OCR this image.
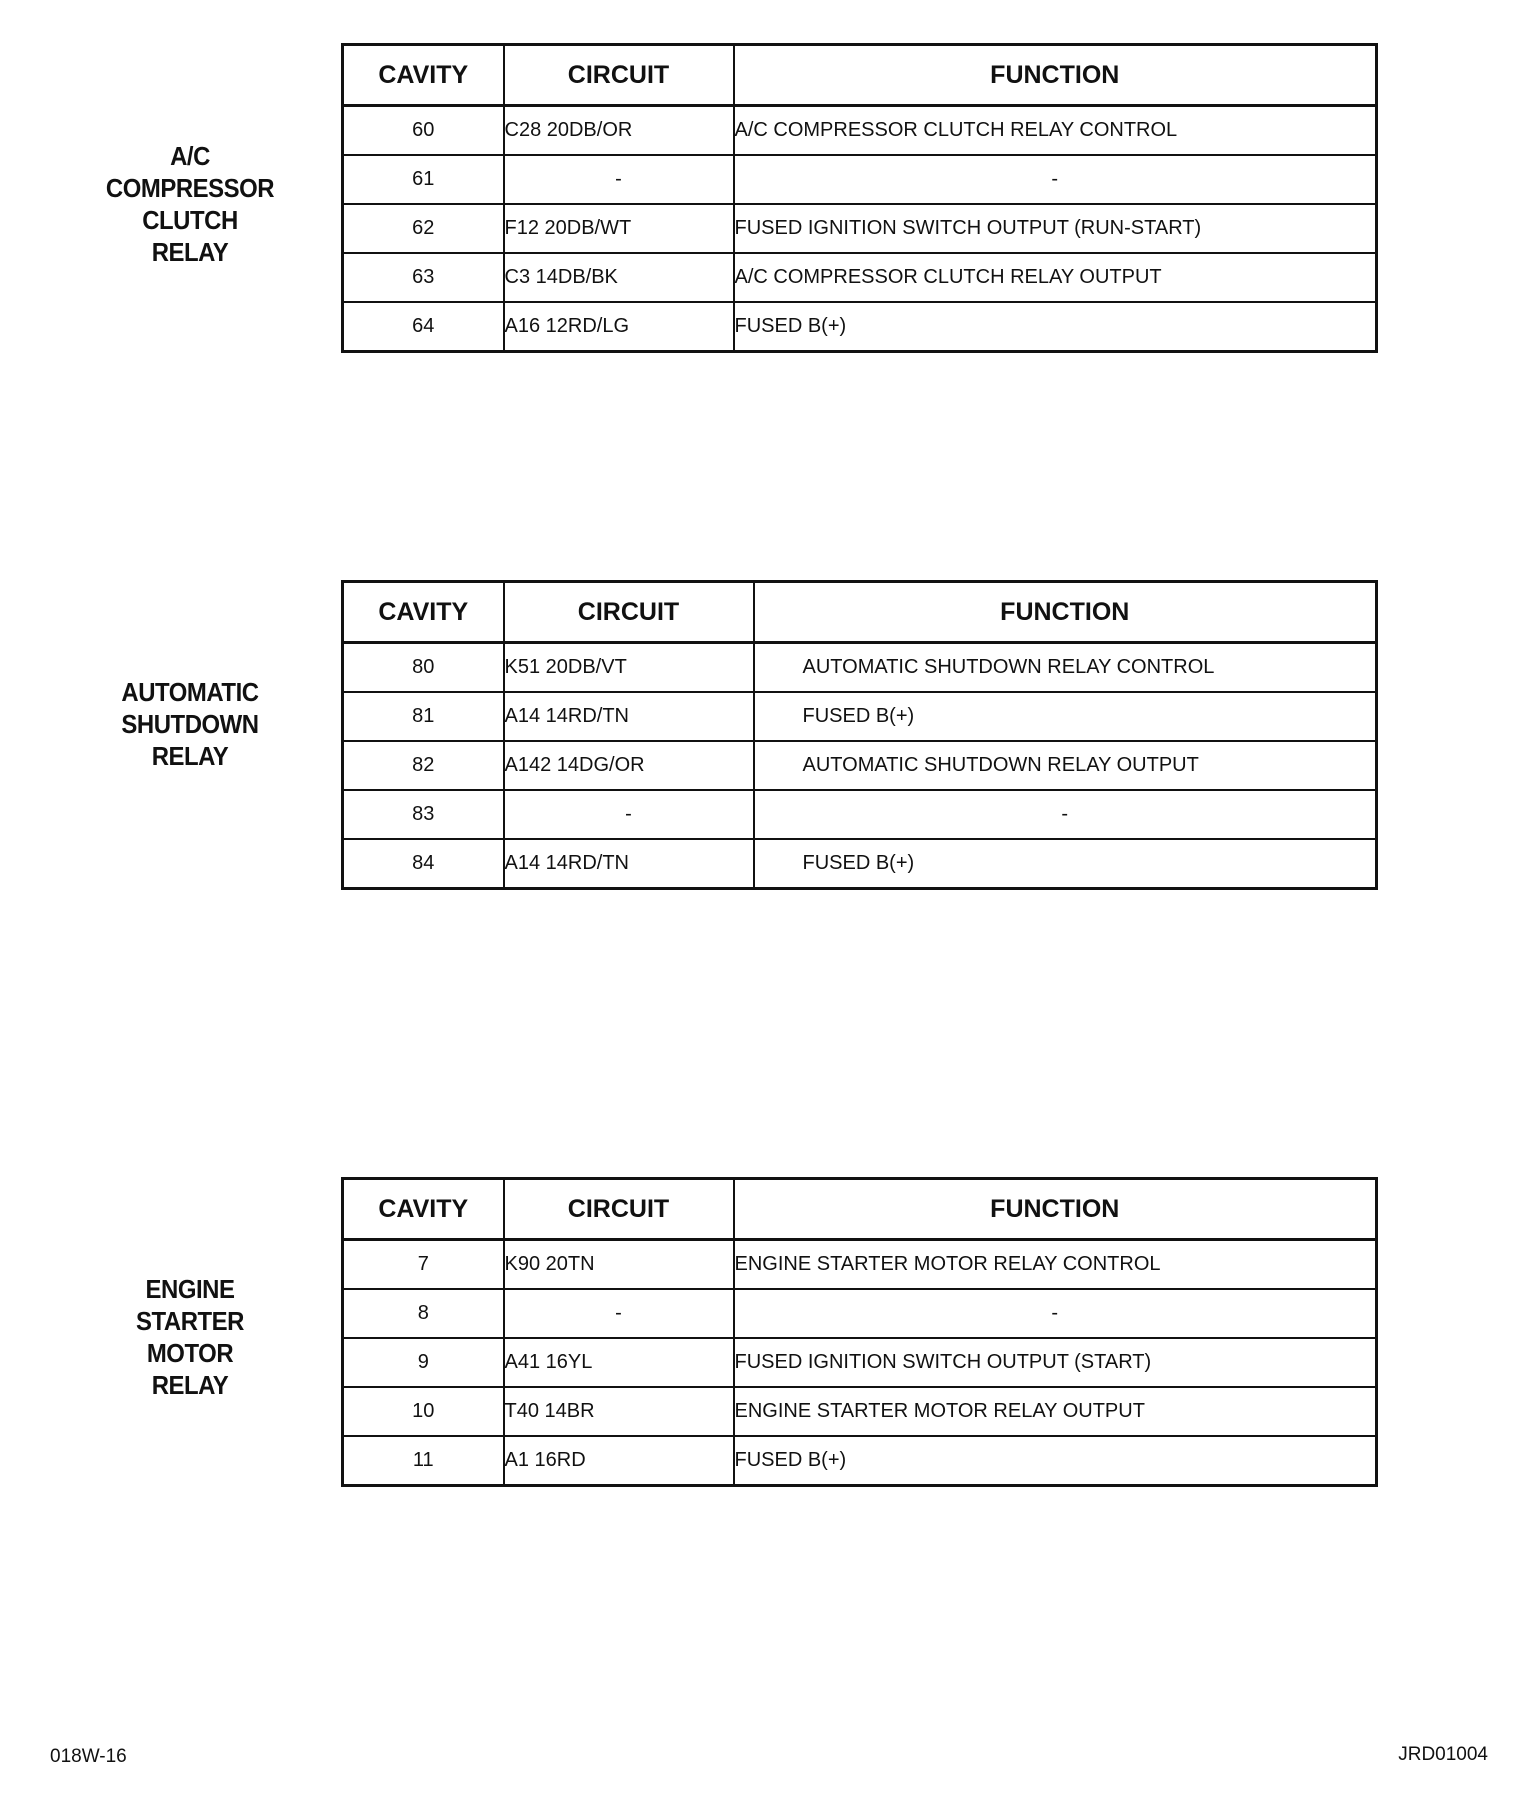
A/C
COMPRESSOR
CLUTCH
RELAY
CAVITY	CIRCUIT	FUNCTION
60	C28 20DB/OR	A/C COMPRESSOR CLUTCH RELAY CONTROL
61	-	-
62	F12 20DB/WT	FUSED IGNITION SWITCH OUTPUT (RUN-START)
63	C3 14DB/BK	A/C COMPRESSOR CLUTCH RELAY OUTPUT
64	A16 12RD/LG	FUSED B(+)
AUTOMATIC
SHUTDOWN
RELAY
CAVITY	CIRCUIT	FUNCTION
80	K51 20DB/VT	AUTOMATIC SHUTDOWN RELAY CONTROL
81	A14 14RD/TN	FUSED B(+)
82	A142 14DG/OR	AUTOMATIC SHUTDOWN RELAY OUTPUT
83	-	-
84	A14 14RD/TN	FUSED B(+)
ENGINE
STARTER
MOTOR
RELAY
CAVITY	CIRCUIT	FUNCTION
7	K90 20TN	ENGINE STARTER MOTOR RELAY CONTROL
8	-	-
9	A41 16YL	FUSED IGNITION SWITCH OUTPUT (START)
10	T40 14BR	ENGINE STARTER MOTOR RELAY OUTPUT
11	A1 16RD	FUSED B(+)
018W-16	JRD01004
